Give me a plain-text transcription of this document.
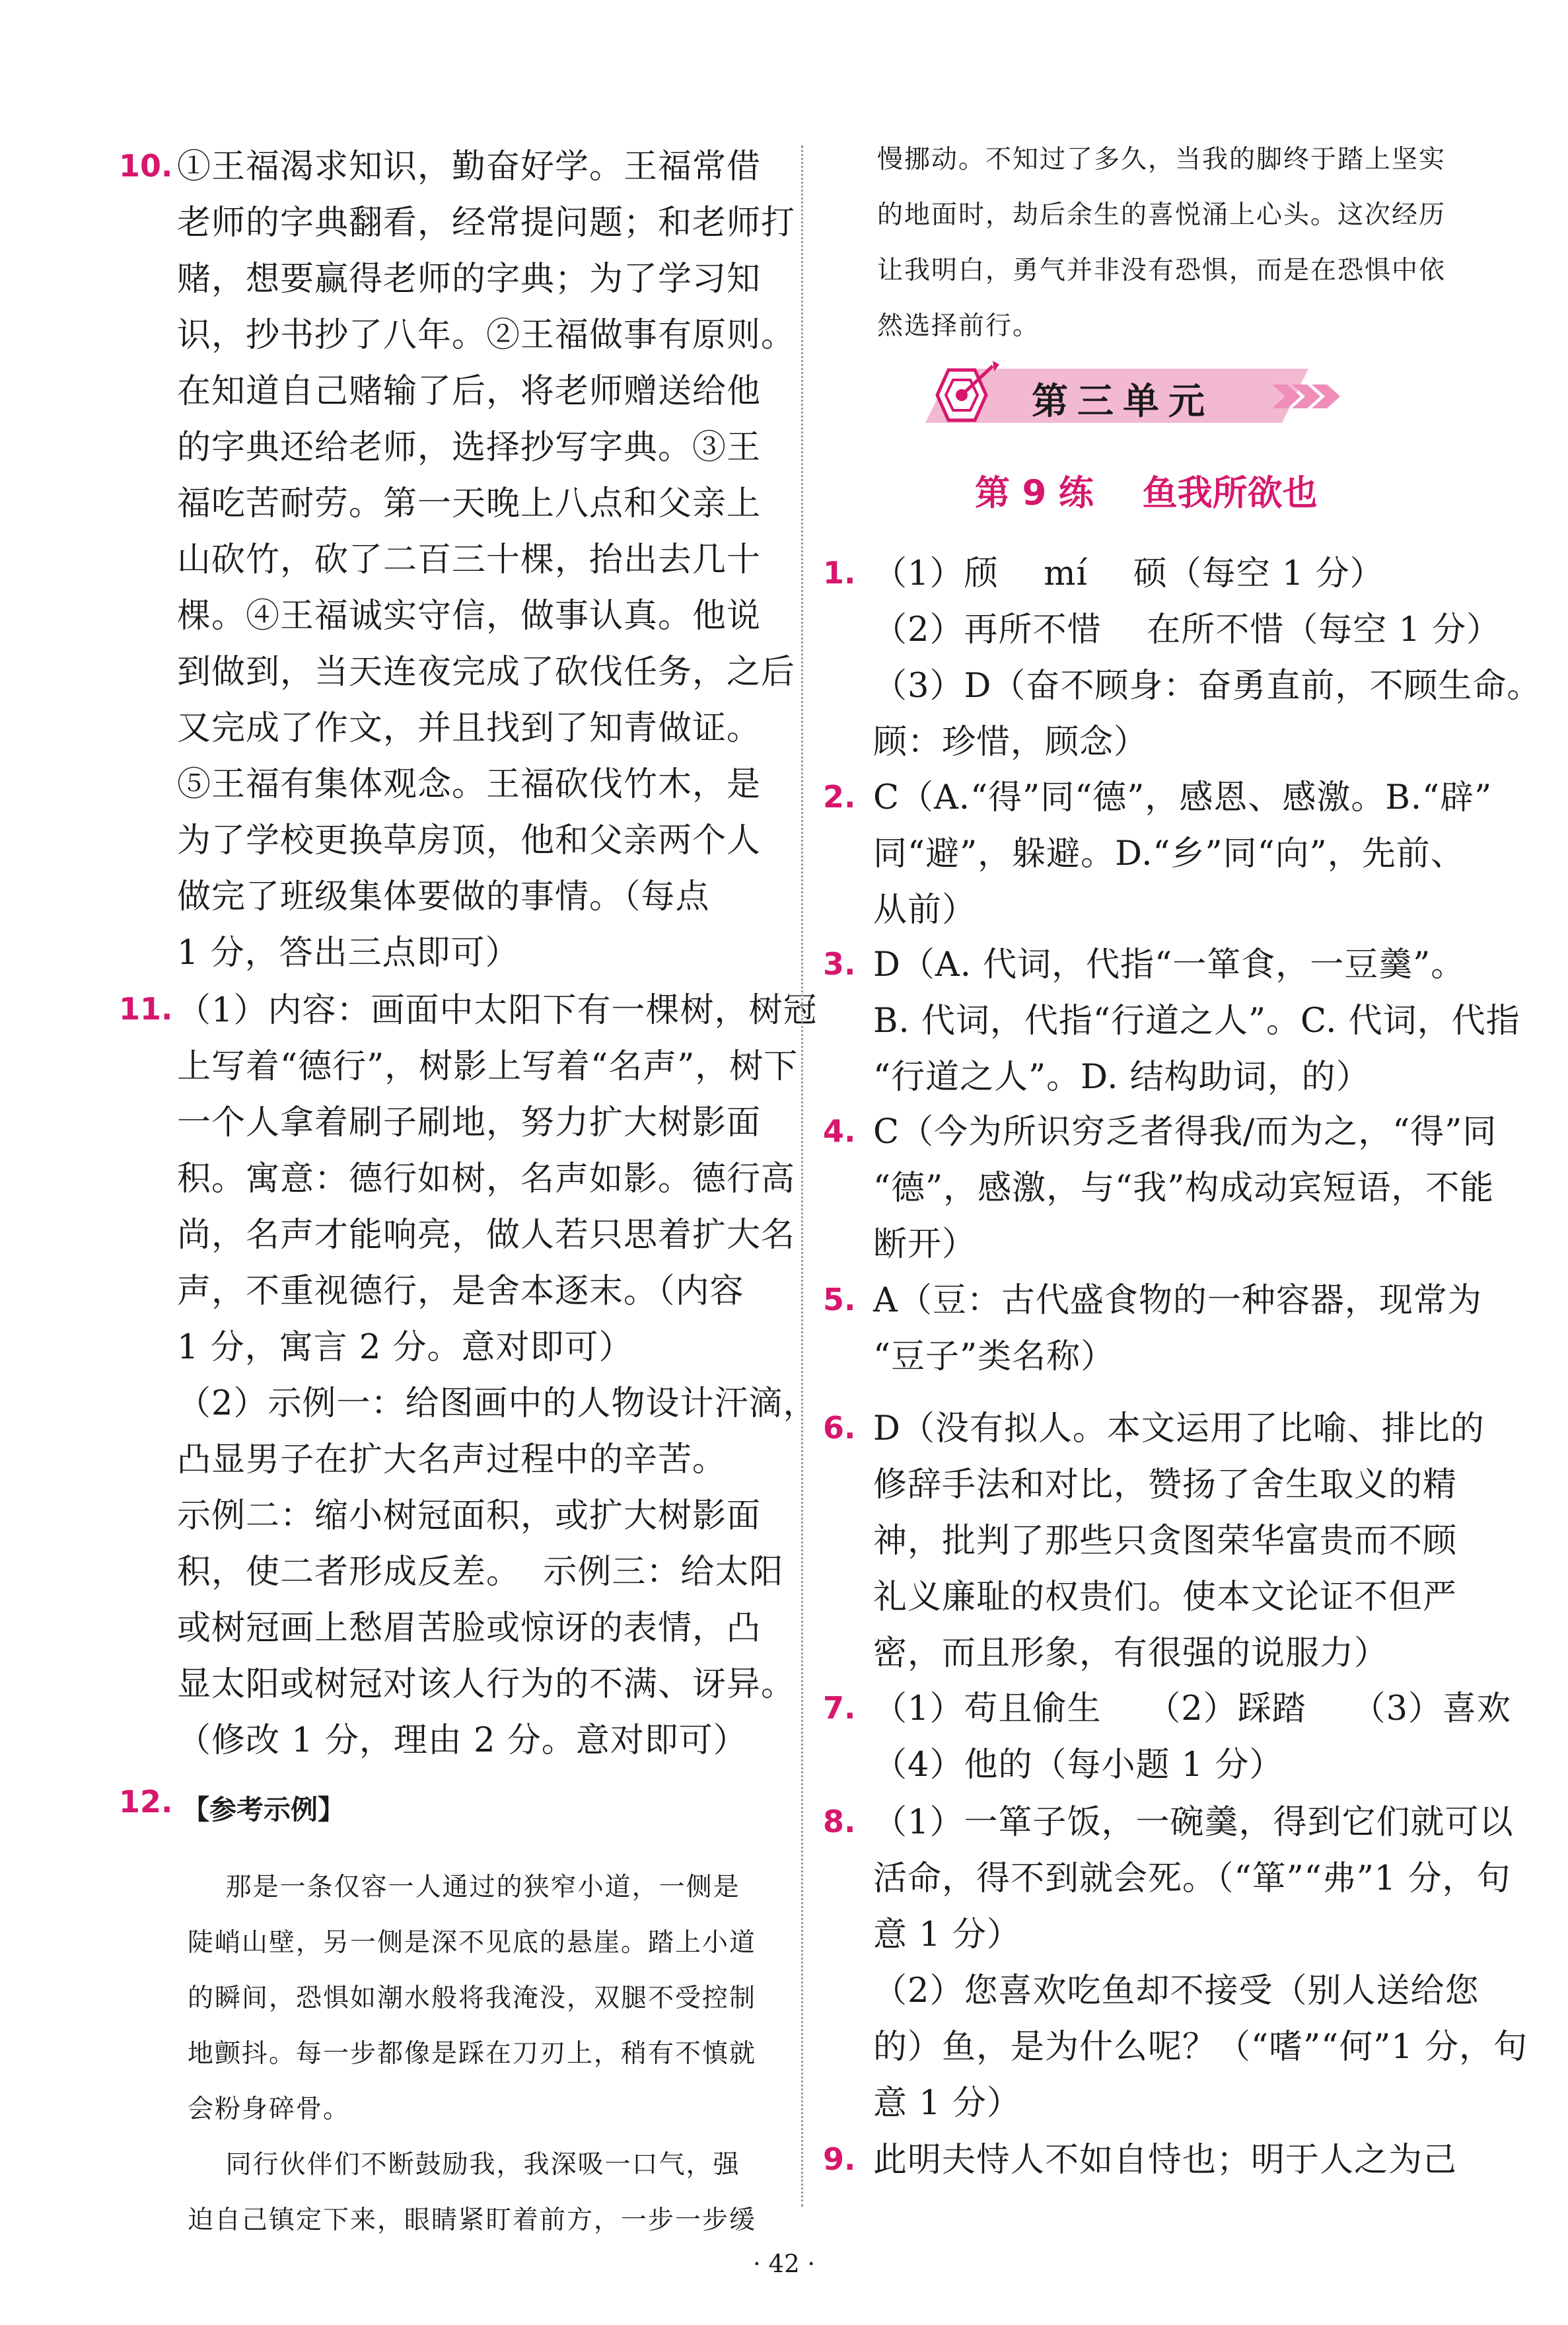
10. ①王福渴求知识，勤奋好学。王福常借
老师的字典翻看，经常提问题；和老师打
赌，想要赢得老师的字典；为了学习知
识，抄书抄了八年。②王福做事有原则。
在知道自己赌输了后，将老师赠送给他
的字典还给老师，选择抄写字典。③王
福吃苦耐劳。第一天晚上八点和父亲上
山砍竹，砍了二百三十棵，抬出去几十
棵。④王福诚实守信，做事认真。他说
到做到，当天连夜完成了砍伐任务，之后
又完成了作文，并且找到了知青做证。
⑤王福有集体观念。王福砍伐竹木，是
为了学校更换草房顶，他和父亲两个人
做完了班级集体要做的事情。（每点
1 分，答出三点即可）
11. （1）内容：画面中太阳下有一棵树，树冠
上写着“德行”，树影上写着“名声”，树下
一个人拿着刷子刷地，努力扩大树影面
积。寓意：德行如树，名声如影。德行高
尚，名声才能响亮，做人若只思着扩大名
声，不重视德行，是舍本逐末。（内容
1 分，寓言 2 分。意对即可）
（2）示例一：给图画中的人物设计汗滴，
凸显男子在扩大名声过程中的辛苦。
示例二：缩小树冠面积，或扩大树影面
积，使二者形成反差。  示例三：给太阳
或树冠画上愁眉苦脸或惊讶的表情，凸
显太阳或树冠对该人行为的不满、讶异。
（修改 1 分，理由 2 分。意对即可）
12. 【参考示例】
那是一条仅容一人通过的狭窄小道，一侧是
陡峭山壁，另一侧是深不见底的悬崖。踏上小道
的瞬间，恐惧如潮水般将我淹没，双腿不受控制
地颤抖。每一步都像是踩在刀刃上，稍有不慎就
会粉身碎骨。
同行伙伴们不断鼓励我，我深吸一口气，强
迫自己镇定下来，眼睛紧盯着前方，一步一步缓
第三单元
第 9 练    鱼我所欲也
慢挪动。不知过了多久，当我的脚终于踏上坚实
的地面时，劫后余生的喜悦涌上心头。这次经历
让我明白，勇气并非没有恐惧，而是在恐惧中依
然选择前行。
1. （1）颀    mí    硕（每空 1 分）
（2）再所不惜    在所不惜（每空 1 分）
（3）D（奋不顾身：奋勇直前，不顾生命。
顾：珍惜，顾念）
2. C（A.“得”同“德”，感恩、感激。B.“辟”
同“避”，躲避。D.“乡”同“向”，先前、
从前）
3. D（A. 代词，代指“一箪食，一豆羹”。
B. 代词，代指“行道之人”。C. 代词，代指
“行道之人”。D. 结构助词，的）
4. C（今为所识穷乏者得我/而为之，“得”同
“德”，感激，与“我”构成动宾短语，不能
断开）
5. A（豆：古代盛食物的一种容器，现常为
“豆子”类名称）
6. D（没有拟人。本文运用了比喻、排比的
修辞手法和对比，赞扬了舍生取义的精
神，批判了那些只贪图荣华富贵而不顾
礼义廉耻的权贵们。使本文论证不但严
密，而且形象，有很强的说服力）
7. （1）苟且偷生    （2）踩踏    （3）喜欢
（4）他的（每小题 1 分）
8. （1）一箪子饭，一碗羹，得到它们就可以
活命，得不到就会死。（“箪”“弗”1 分，句
意 1 分）
（2）您喜欢吃鱼却不接受（别人送给您
的）鱼，是为什么呢？（“嗜”“何”1 分，句
意 1 分）
9. 此明夫恃人不如自恃也；明于人之为己
· 42 ·
